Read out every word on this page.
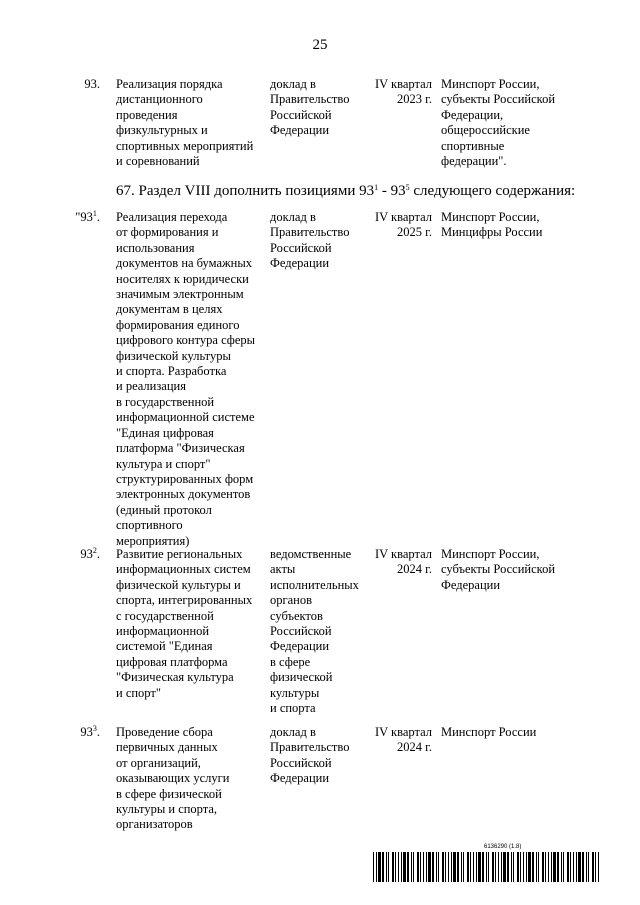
25
93. Реализация порядка
дистанционного
проведения
физкультурных и
спортивных мероприятий
и соревнований
доклад в
Правительство
Российской
Федерации
IV квартал
2023 г.
Минспорт России,
субъекты Российской
Федерации,
общероссийские
спортивные
федерации".
67. Раздел VIII дополнить позициями $93^1 - 93^5$ следующего содержания:
"$93^1$. Реализация перехода
от формирования и
использования
документов на бумажных
носителях к юридически
значимым электронным
документам в целях
формирования единого
цифрового контура сферы
физической культуры
и спорта. Разработка
и реализация
в государственной
информационной системе
"Единая цифровая
платформа "Физическая
культура и спорт"
структурированных форм
электронных документов
(единый протокол
спортивного
мероприятия)
доклад в
Правительство
Российской
Федерации
IV квартал
2025 г.
Минспорт России,
Минцифры России
$93^2$. Развитие региональных
информационных систем
физической культуры и
спорта, интегрированных
с государственной
информационной
системой "Единая
цифровая платформа
"Физическая культура
и спорт"
ведомственные
акты
исполнительных
органов
субъектов
Российской
Федерации
в сфере
физической
культуры
и спорта
IV квартал
2024 г.
Минспорт России,
субъекты Российской
Федерации
$93^3$. Проведение сбора
первичных данных
от организаций,
оказывающих услуги
в сфере физической
культуры и спорта,
организаторов
доклад в
Правительство
Российской
Федерации
IV квартал
2024 г.
Минспорт России
6136290 (1.8)
